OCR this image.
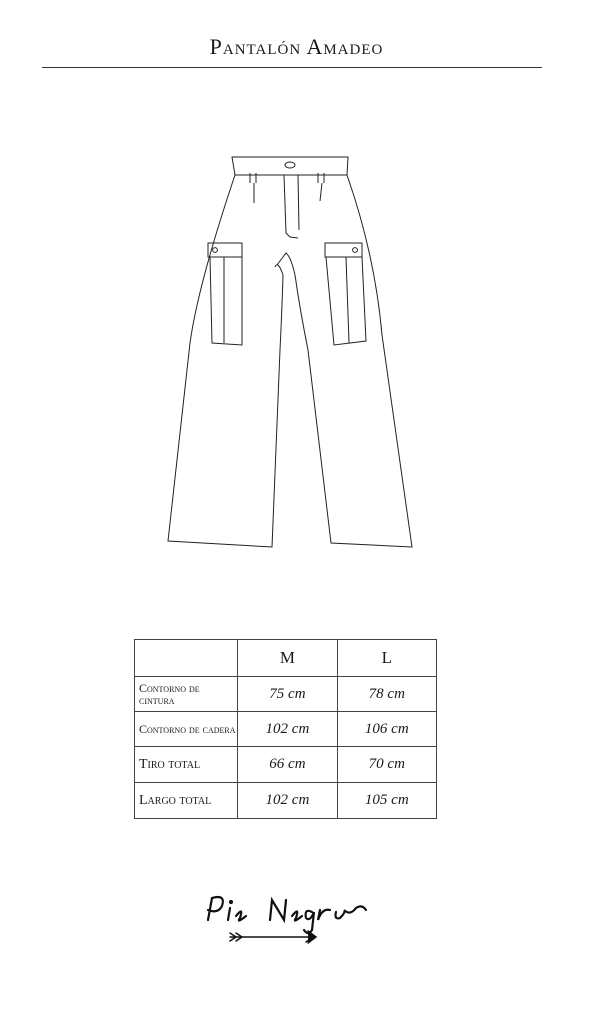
Pantalón Amadeo
	M	L
Contorno de cintura	75 cm	78 cm
Contorno de cadera	102 cm	106 cm
Tiro total	66 cm	70 cm
Largo total	102 cm	105 cm
